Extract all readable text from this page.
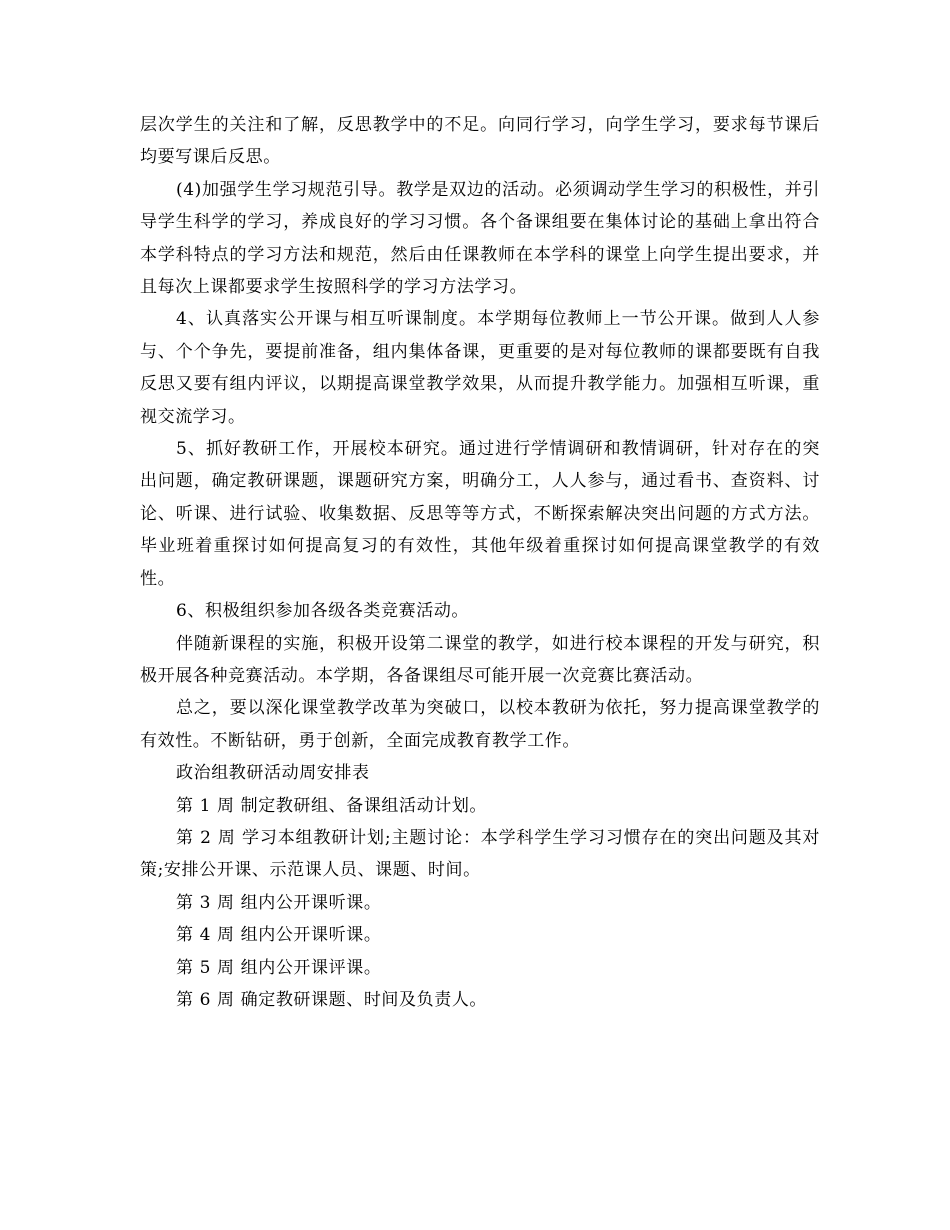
层次学生的关注和了解，反思教学中的不足。向同行学习，向学生学习，要求每节课后均要写课后反思。

(4)加强学生学习规范引导。教学是双边的活动。必须调动学生学习的积极性，并引导学生科学的学习，养成良好的学习习惯。各个备课组要在集体讨论的基础上拿出符合本学科特点的学习方法和规范，然后由任课教师在本学科的课堂上向学生提出要求，并且每次上课都要求学生按照科学的学习方法学习。

4、认真落实公开课与相互听课制度。本学期每位教师上一节公开课。做到人人参与、个个争先，要提前准备，组内集体备课，更重要的是对每位教师的课都要既有自我反思又要有组内评议，以期提高课堂教学效果，从而提升教学能力。加强相互听课，重视交流学习。

5、抓好教研工作，开展校本研究。通过进行学情调研和教情调研，针对存在的突出问题，确定教研课题，课题研究方案，明确分工，人人参与，通过看书、查资料、讨论、听课、进行试验、收集数据、反思等等方式，不断探索解决突出问题的方式方法。毕业班着重探讨如何提高复习的有效性，其他年级着重探讨如何提高课堂教学的有效性。

6、积极组织参加各级各类竞赛活动。

伴随新课程的实施，积极开设第二课堂的教学，如进行校本课程的开发与研究，积极开展各种竞赛活动。本学期，各备课组尽可能开展一次竞赛比赛活动。

总之，要以深化课堂教学改革为突破口，以校本教研为依托，努力提高课堂教学的有效性。不断钻研，勇于创新，全面完成教育教学工作。

政治组教研活动周安排表

第 1 周 制定教研组、备课组活动计划。

第 2 周 学习本组教研计划;主题讨论：本学科学生学习习惯存在的突出问题及其对策;安排公开课、示范课人员、课题、时间。

第 3 周 组内公开课听课。

第 4 周 组内公开课听课。

第 5 周 组内公开课评课。

第 6 周 确定教研课题、时间及负责人。
